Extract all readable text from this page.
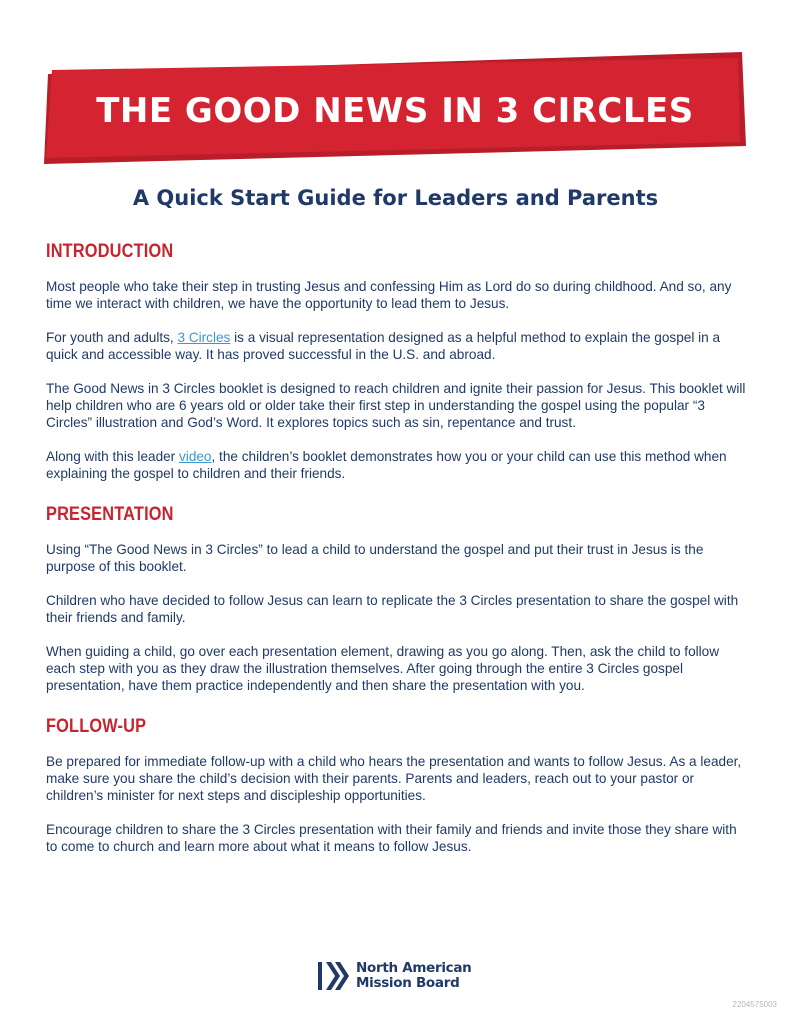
THE GOOD NEWS IN 3 CIRCLES
A Quick Start Guide for Leaders and Parents
INTRODUCTION

Most people who take their step in trusting Jesus and confessing Him as Lord do so during childhood. And so, any time we interact with children, we have the opportunity to lead them to Jesus.

For youth and adults, 3 Circles is a visual representation designed as a helpful method to explain the gospel in a quick and accessible way. It has proved successful in the U.S. and abroad.

The Good News in 3 Circles booklet is designed to reach children and ignite their passion for Jesus. This booklet will help children who are 6 years old or older take their first step in understanding the gospel using the popular “3 Circles” illustration and God’s Word. It explores topics such as sin, repentance and trust.

Along with this leader video, the children’s booklet demonstrates how you or your child can use this method when explaining the gospel to children and their friends.

PRESENTATION

Using “The Good News in 3 Circles” to lead a child to understand the gospel and put their trust in Jesus is the purpose of this booklet.

Children who have decided to follow Jesus can learn to replicate the 3 Circles presentation to share the gospel with their friends and family.

When guiding a child, go over each presentation element, drawing as you go along. Then, ask the child to follow each step with you as they draw the illustration themselves. After going through the entire 3 Circles gospel presentation, have them practice independently and then share the presentation with you.

FOLLOW-UP

Be prepared for immediate follow-up with a child who hears the presentation and wants to follow Jesus. As a leader, make sure you share the child’s decision with their parents. Parents and leaders, reach out to your pastor or children’s minister for next steps and discipleship opportunities.

Encourage children to share the 3 Circles presentation with their family and friends and invite those they share with to come to church and learn more about what it means to follow Jesus.

North American
Mission Board
2204575003
